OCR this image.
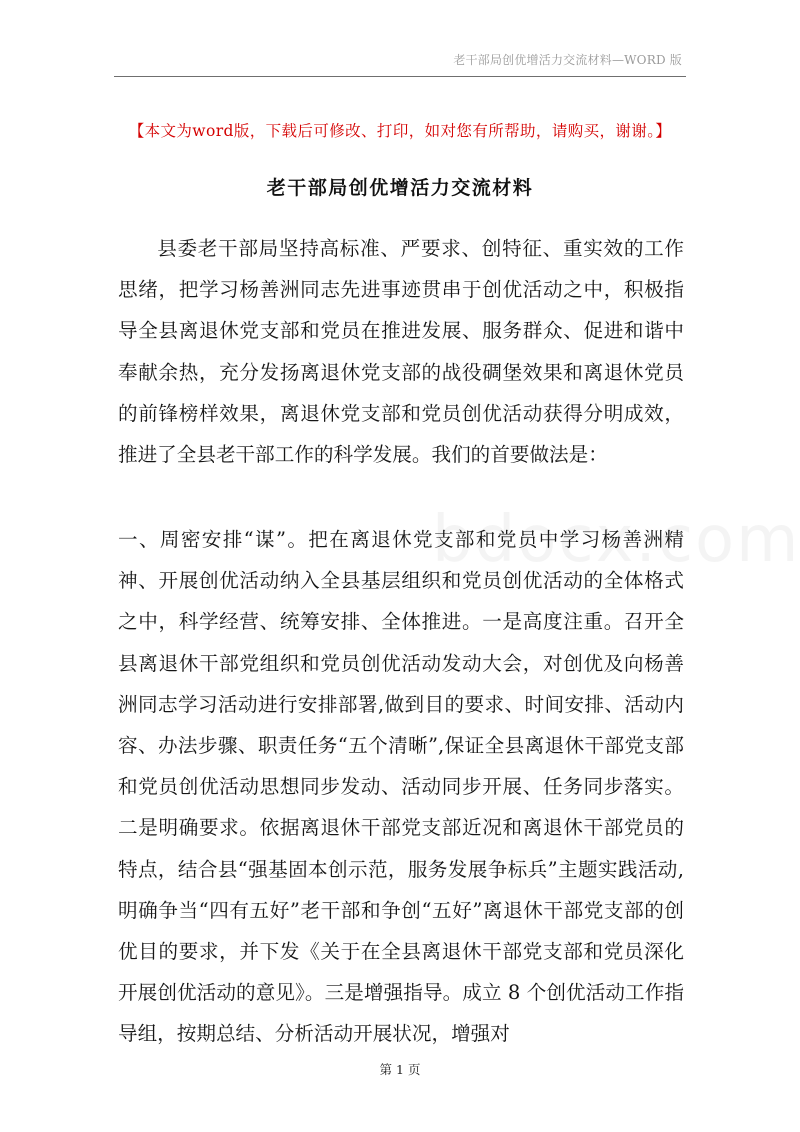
老干部局创优增活力交流材料—WORD 版
【本文为word版，下载后可修改、打印，如对您有所帮助，请购买，谢谢。】
老干部局创优增活力交流材料

县委老干部局坚持高标准、严要求、创特征、重实效的工作思绪，把学习杨善洲同志先进事迹贯串于创优活动之中，积极指导全县离退休党支部和党员在推进发展、服务群众、促进和谐中奉献余热，充分发扬离退休党支部的战役碉堡效果和离退休党员的前锋榜样效果，离退休党支部和党员创优活动获得分明成效，推进了全县老干部工作的科学发展。我们的首要做法是：

一、周密安排“谋”。把在离退休党支部和党员中学习杨善洲精神、开展创优活动纳入全县基层组织和党员创优活动的全体格式之中，科学经营、统筹安排、全体推进。一是高度注重。召开全县离退休干部党组织和党员创优活动发动大会，对创优及向杨善洲同志学习活动进行安排部署,做到目的要求、时间安排、活动内容、办法步骤、职责任务“五个清晰”,保证全县离退休干部党支部和党员创优活动思想同步发动、活动同步开展、任务同步落实。二是明确要求。依据离退休干部党支部近况和离退休干部党员的特点，结合县“强基固本创示范，服务发展争标兵”主题实践活动,明确争当“四有五好”老干部和争创“五好”离退休干部党支部的创优目的要求，并下发《关于在全县离退休干部党支部和党员深化开展创优活动的意见》。三是增强指导。成立 8 个创优活动工作指导组，按期总结、分析活动开展状况，增强对

第 1 页
